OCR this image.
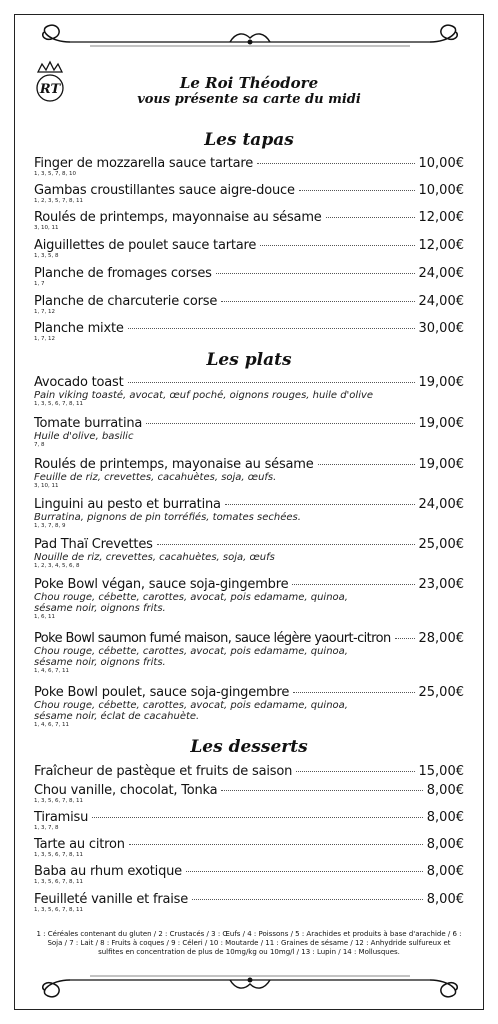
RT	Le Roi Théodore
vous présente sa carte du midi
Les tapas
Finger de mozzarella sauce tartare	10,00€
1, 3, 5, 7, 8, 10
Gambas croustillantes sauce aigre-douce	10,00€
1, 2, 3, 5, 7, 8, 11
Roulés de printemps, mayonnaise au sésame	12,00€
3, 10, 11
Aiguillettes de poulet sauce tartare	12,00€
1, 3, 5, 8
Planche de fromages corses	24,00€
1, 7
Planche de charcuterie corse	24,00€
1, 7, 12
Planche mixte	30,00€
1, 7, 12
Les plats
Avocado toast	19,00€
Pain viking toasté, avocat, œuf poché, oignons rouges, huile d'olive
1, 3, 5, 6, 7, 8, 11
Tomate burratina	19,00€
Huile d'olive, basilic
7, 8
Roulés de printemps, mayonaise au sésame	19,00€
Feuille de riz, crevettes, cacahuètes, soja, œufs.
3, 10, 11
Linguini au pesto et burratina	24,00€
Burratina, pignons de pin torréfiés, tomates sechées.
1, 3, 7, 8, 9
Pad Thaï Crevettes	25,00€
Nouille de riz, crevettes, cacahuètes, soja, œufs
1, 2, 3, 4, 5, 6, 8
Poke Bowl végan, sauce soja-gingembre	23,00€
Chou rouge, cébette, carottes, avocat, pois edamame, quinoa,
sésame noir, oignons frits.
1, 6, 11
Poke Bowl saumon fumé maison, sauce légère yaourt-citron 28,00€
Chou rouge, cébette, carottes, avocat, pois edamame, quinoa,
sésame noir, oignons frits.
1, 4, 6, 7, 11
Poke Bowl poulet, sauce soja-gingembre	25,00€
Chou rouge, cébette, carottes, avocat, pois edamame, quinoa,
sésame noir, éclat de cacahuète.
1, 4, 6, 7, 11
Les desserts
Fraîcheur de pastèque et fruits de saison	15,00€
Chou vanille, chocolat, Tonka	8,00€
1, 3, 5, 6, 7, 8, 11
Tiramisu	8,00€
1, 3, 7, 8
Tarte au citron	8,00€
1, 3, 5, 6, 7, 8, 11
Baba au rhum exotique	8,00€
1, 3, 5, 6, 7, 8, 11
Feuilleté vanille et fraise	8,00€
1, 3, 5, 6, 7, 8, 11
1 : Céréales contenant du gluten / 2 : Crustacés / 3 : Œufs / 4 : Poissons / 5 : Arachides et produits à base d'arachide / 6 : Soja / 7 : Lait / 8 : Fruits à coques / 9 : Céleri / 10 : Moutarde / 11 : Graines de sésame / 12 : Anhydride sulfureux et sulfites en concentration de plus de 10mg/kg ou 10mg/l / 13 : Lupin / 14 : Mollusques.
